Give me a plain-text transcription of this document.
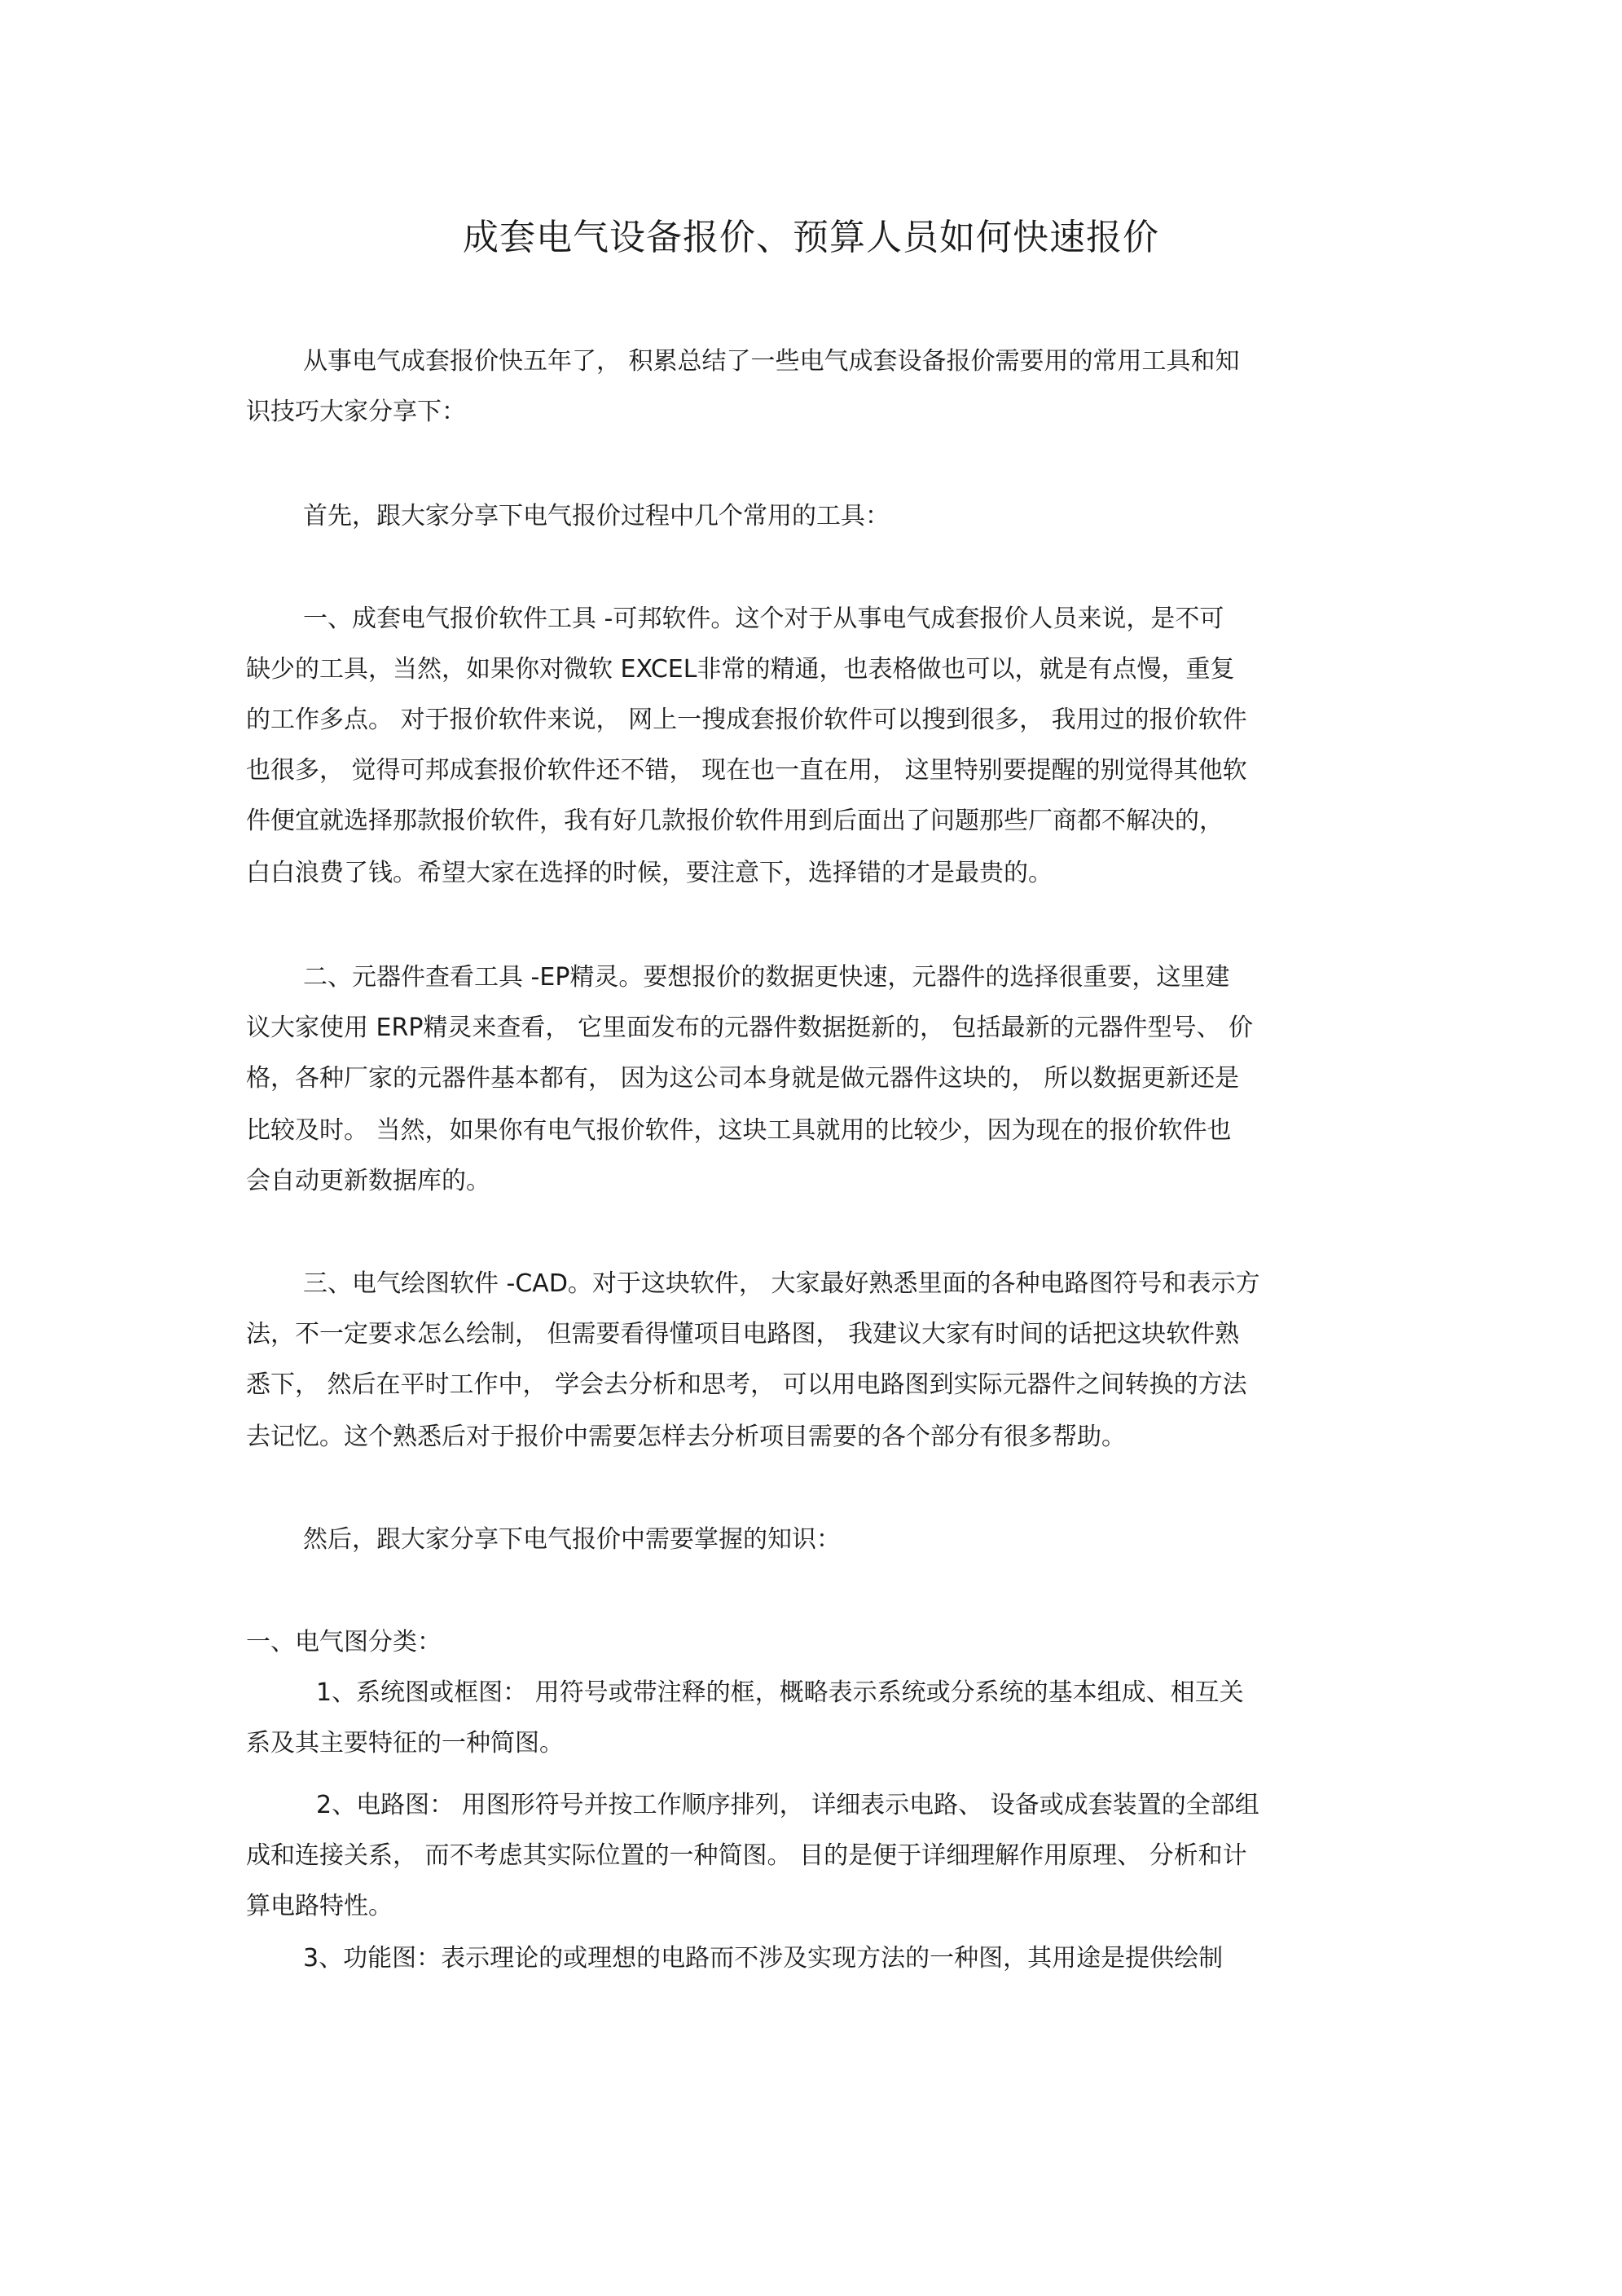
成套电气设备报价、预算人员如何快速报价

从事电气成套报价快五年了， 积累总结了一些电气成套设备报价需要用的常用工具和知

识技巧大家分享下：

首先，跟大家分享下电气报价过程中几个常用的工具：

一、成套电气报价软件工具 -可邦软件。这个对于从事电气成套报价人员来说，是不可

缺少的工具，当然，如果你对微软 EXCEL非常的精通，也表格做也可以，就是有点慢，重复

的工作多点。 对于报价软件来说， 网上一搜成套报价软件可以搜到很多， 我用过的报价软件

也很多， 觉得可邦成套报价软件还不错， 现在也一直在用， 这里特别要提醒的别觉得其他软

件便宜就选择那款报价软件，我有好几款报价软件用到后面出了问题那些厂商都不解决的，

白白浪费了钱。希望大家在选择的时候，要注意下，选择错的才是最贵的。

二、元器件查看工具 -EP精灵。要想报价的数据更快速，元器件的选择很重要，这里建

议大家使用 ERP精灵来查看， 它里面发布的元器件数据挺新的， 包括最新的元器件型号、 价

格，各种厂家的元器件基本都有， 因为这公司本身就是做元器件这块的， 所以数据更新还是

比较及时。 当然，如果你有电气报价软件，这块工具就用的比较少，因为现在的报价软件也

会自动更新数据库的。

三、电气绘图软件 -CAD。对于这块软件， 大家最好熟悉里面的各种电路图符号和表示方

法，不一定要求怎么绘制， 但需要看得懂项目电路图， 我建议大家有时间的话把这块软件熟

悉下， 然后在平时工作中， 学会去分析和思考， 可以用电路图到实际元器件之间转换的方法

去记忆。这个熟悉后对于报价中需要怎样去分析项目需要的各个部分有很多帮助。

然后，跟大家分享下电气报价中需要掌握的知识：

一、电气图分类：

1、系统图或框图： 用符号或带注释的框，概略表示系统或分系统的基本组成、相互关

系及其主要特征的一种简图。

2、电路图： 用图形符号并按工作顺序排列， 详细表示电路、 设备或成套装置的全部组

成和连接关系， 而不考虑其实际位置的一种简图。 目的是便于详细理解作用原理、 分析和计

算电路特性。

3、功能图：表示理论的或理想的电路而不涉及实现方法的一种图，其用途是提供绘制
